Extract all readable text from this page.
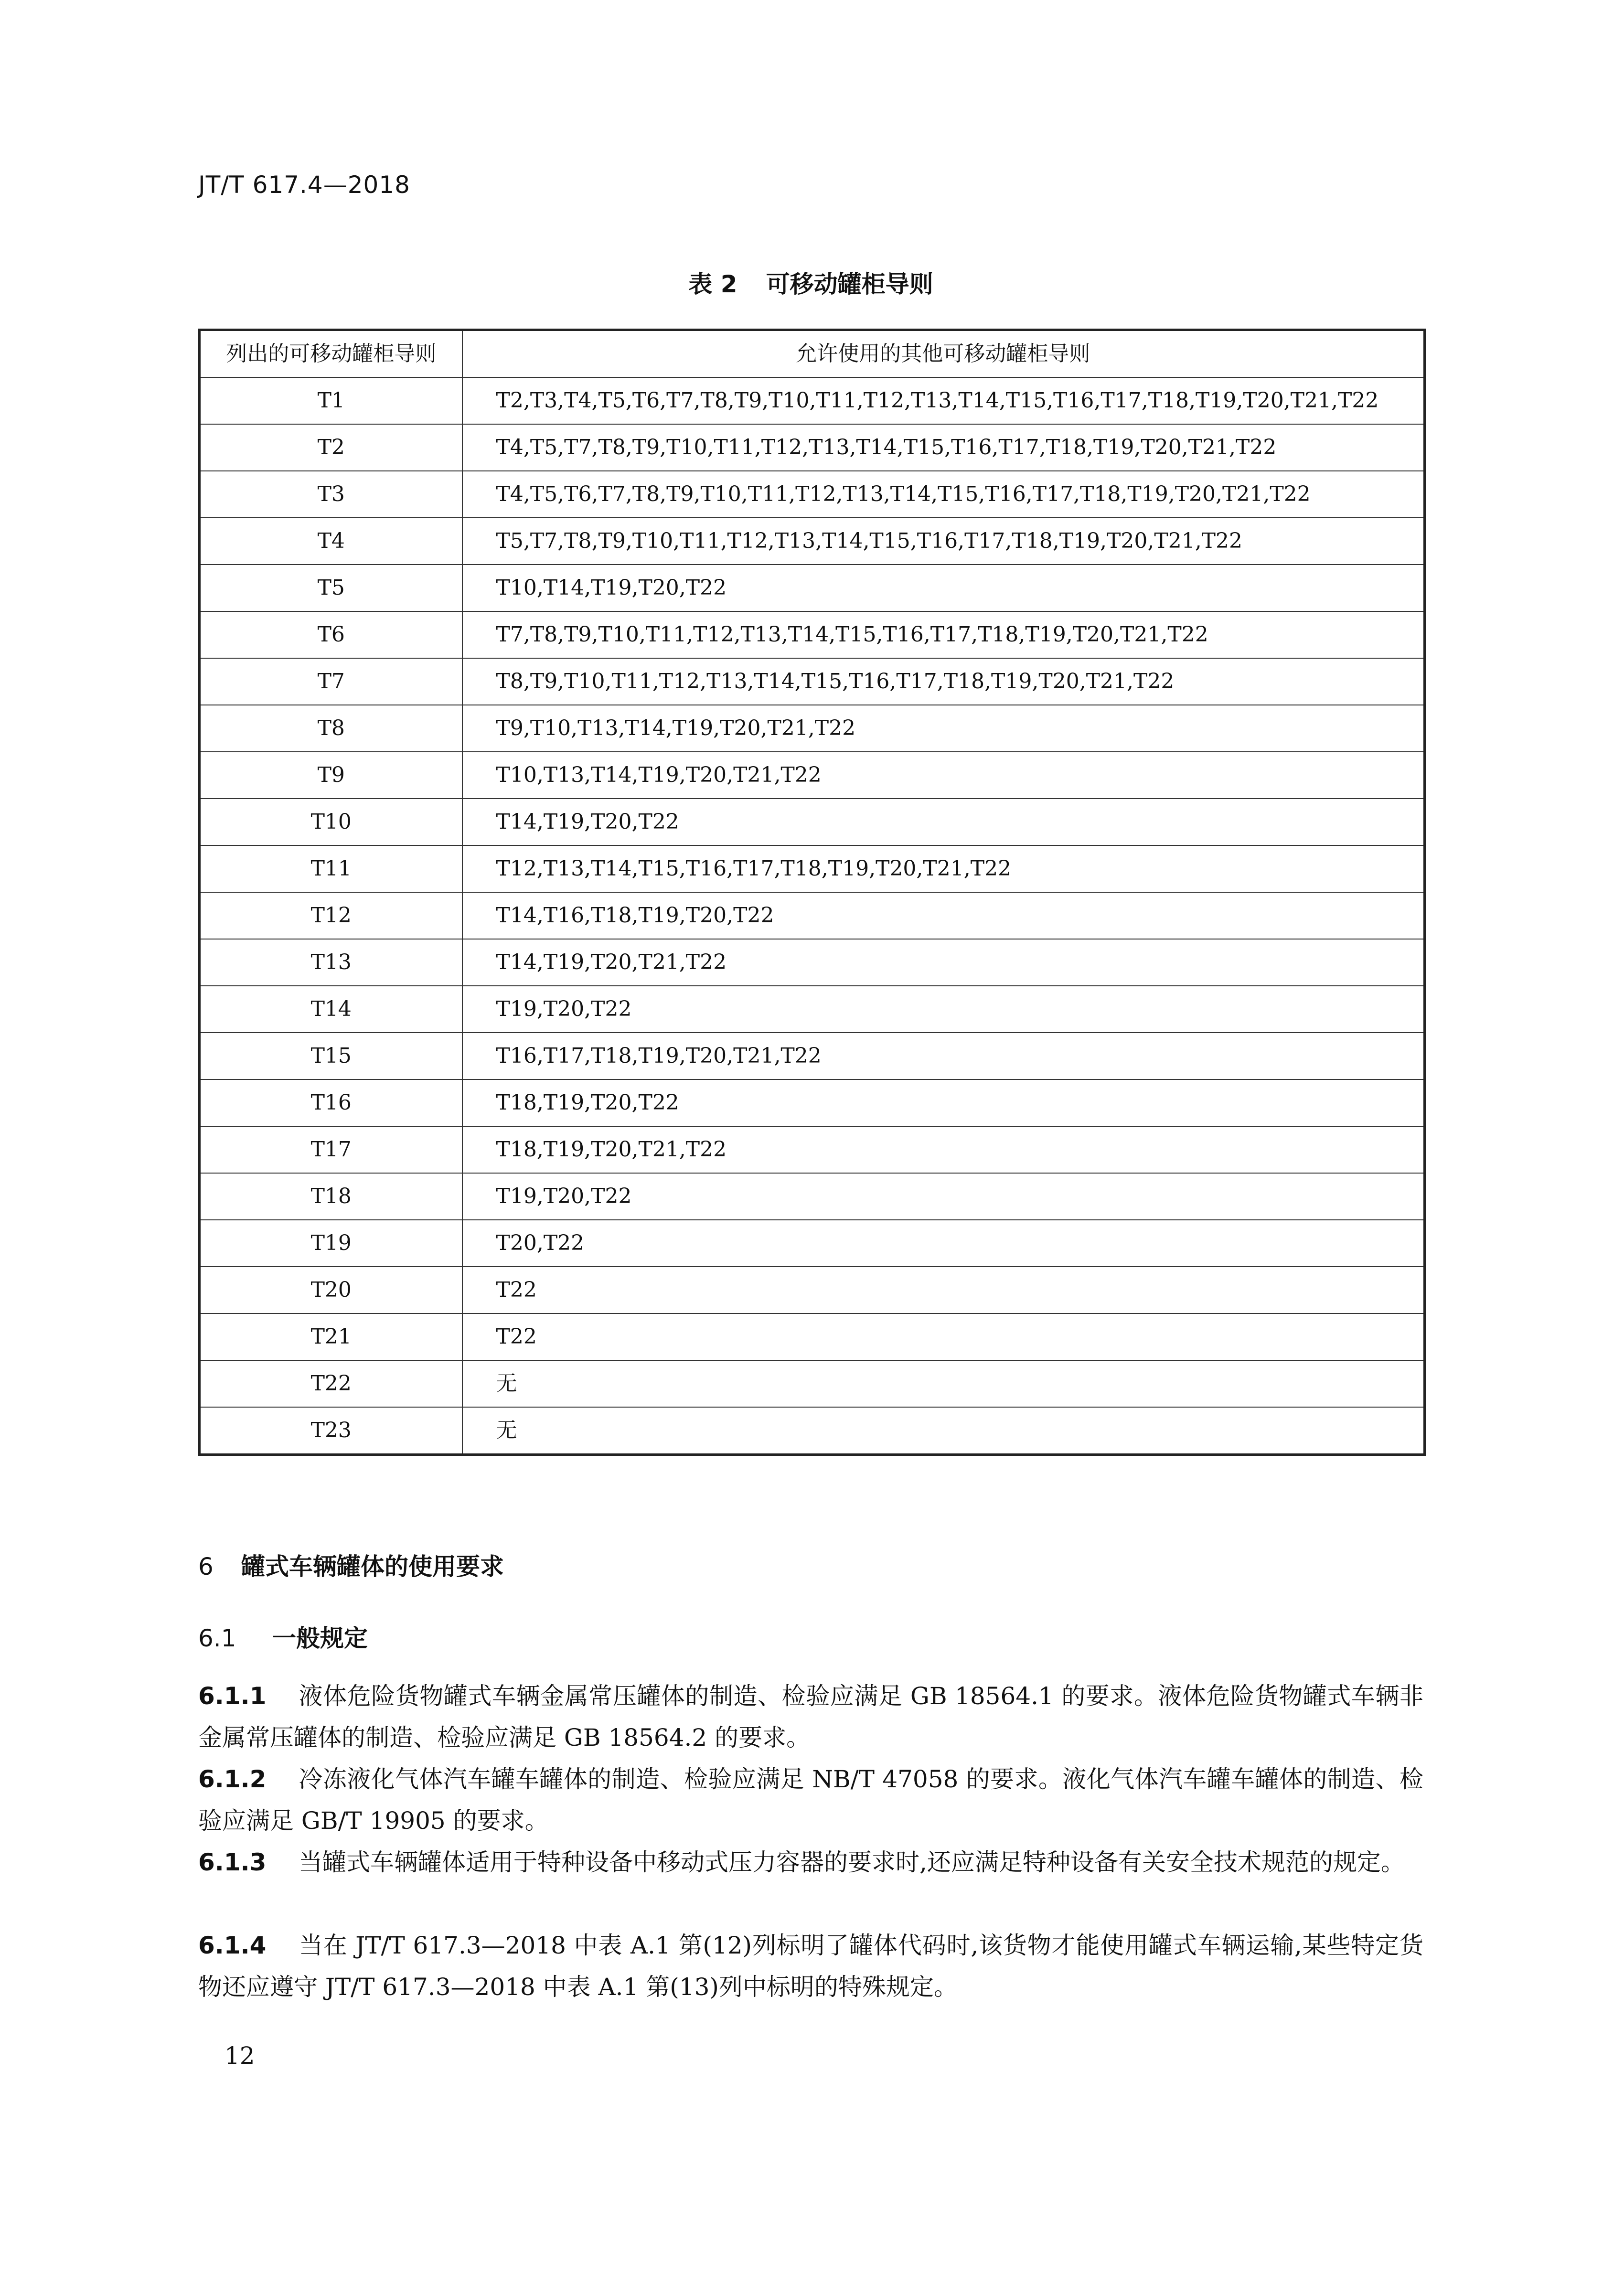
JT/T 617.4—2018
表 2 可移动罐柜导则
列出的可移动罐柜导则	允许使用的其他可移动罐柜导则
T1	T2,T3,T4,T5,T6,T7,T8,T9,T10,T11,T12,T13,T14,T15,T16,T17,T18,T19,T20,T21,T22
T2	T4,T5,T7,T8,T9,T10,T11,T12,T13,T14,T15,T16,T17,T18,T19,T20,T21,T22
T3	T4,T5,T6,T7,T8,T9,T10,T11,T12,T13,T14,T15,T16,T17,T18,T19,T20,T21,T22
T4	T5,T7,T8,T9,T10,T11,T12,T13,T14,T15,T16,T17,T18,T19,T20,T21,T22
T5	T10,T14,T19,T20,T22
T6	T7,T8,T9,T10,T11,T12,T13,T14,T15,T16,T17,T18,T19,T20,T21,T22
T7	T8,T9,T10,T11,T12,T13,T14,T15,T16,T17,T18,T19,T20,T21,T22
T8	T9,T10,T13,T14,T19,T20,T21,T22
T9	T10,T13,T14,T19,T20,T21,T22
T10	T14,T19,T20,T22
T11	T12,T13,T14,T15,T16,T17,T18,T19,T20,T21,T22
T12	T14,T16,T18,T19,T20,T22
T13	T14,T19,T20,T21,T22
T14	T19,T20,T22
T15	T16,T17,T18,T19,T20,T21,T22
T16	T18,T19,T20,T22
T17	T18,T19,T20,T21,T22
T18	T19,T20,T22
T19	T20,T22
T20	T22
T21	T22
T22	无
T23	无
6 罐式车辆罐体的使用要求
6.1 一般规定
6.1.1 液体危险货物罐式车辆金属常压罐体的制造、检验应满足 GB 18564.1 的要求。液体危险货物罐式车辆非金属常压罐体的制造、检验应满足 GB 18564.2 的要求。
6.1.2 冷冻液化气体汽车罐车罐体的制造、检验应满足 NB/T 47058 的要求。液化气体汽车罐车罐体的制造、检验应满足 GB/T 19905 的要求。
6.1.3 当罐式车辆罐体适用于特种设备中移动式压力容器的要求时,还应满足特种设备有关安全技术规范的规定。
6.1.4 当在 JT/T 617.3—2018 中表 A.1 第(12)列标明了罐体代码时,该货物才能使用罐式车辆运输,某些特定货物还应遵守 JT/T 617.3—2018 中表 A.1 第(13)列中标明的特殊规定。
12
